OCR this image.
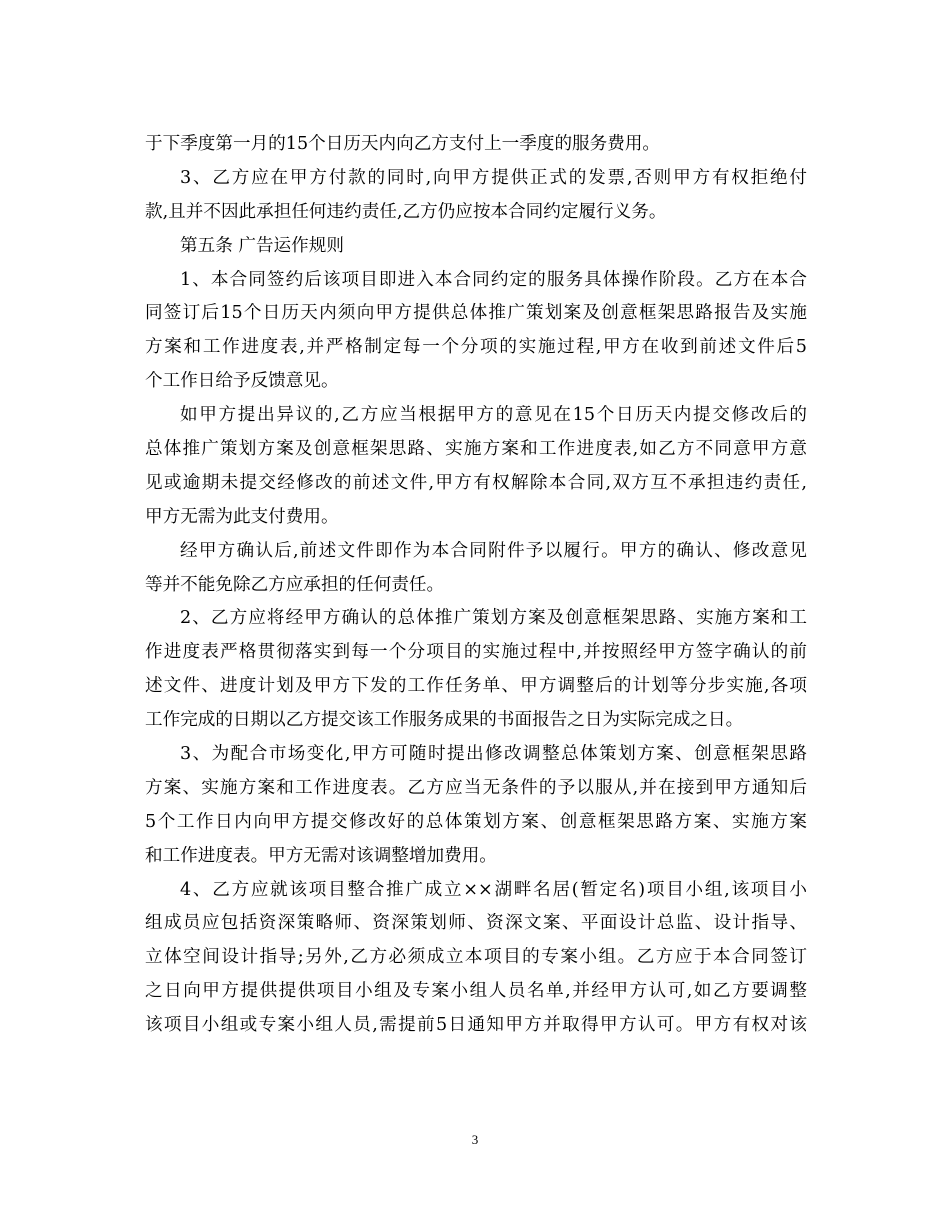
于下季度第一月的15个日历天内向乙方支付上一季度的服务费用。
3、乙方应在甲方付款的同时,向甲方提供正式的发票,否则甲方有权拒绝付
款,且并不因此承担任何违约责任,乙方仍应按本合同约定履行义务。
第五条 广告运作规则
1、本合同签约后该项目即进入本合同约定的服务具体操作阶段。乙方在本合
同签订后15个日历天内须向甲方提供总体推广策划案及创意框架思路报告及实施
方案和工作进度表,并严格制定每一个分项的实施过程,甲方在收到前述文件后5
个工作日给予反馈意见。
如甲方提出异议的,乙方应当根据甲方的意见在15个日历天内提交修改后的
总体推广策划方案及创意框架思路、实施方案和工作进度表,如乙方不同意甲方意
见或逾期未提交经修改的前述文件,甲方有权解除本合同,双方互不承担违约责任,
甲方无需为此支付费用。
经甲方确认后,前述文件即作为本合同附件予以履行。甲方的确认、修改意见
等并不能免除乙方应承担的任何责任。
2、乙方应将经甲方确认的总体推广策划方案及创意框架思路、实施方案和工
作进度表严格贯彻落实到每一个分项目的实施过程中,并按照经甲方签字确认的前
述文件、进度计划及甲方下发的工作任务单、甲方调整后的计划等分步实施,各项
工作完成的日期以乙方提交该工作服务成果的书面报告之日为实际完成之日。
3、为配合市场变化,甲方可随时提出修改调整总体策划方案、创意框架思路
方案、实施方案和工作进度表。乙方应当无条件的予以服从,并在接到甲方通知后
5个工作日内向甲方提交修改好的总体策划方案、创意框架思路方案、实施方案
和工作进度表。甲方无需对该调整增加费用。
4、乙方应就该项目整合推广成立××湖畔名居(暂定名)项目小组,该项目小
组成员应包括资深策略师、资深策划师、资深文案、平面设计总监、设计指导、
立体空间设计指导;另外,乙方必须成立本项目的专案小组。乙方应于本合同签订
之日向甲方提供提供项目小组及专案小组人员名单,并经甲方认可,如乙方要调整
该项目小组或专案小组人员,需提前5日通知甲方并取得甲方认可。甲方有权对该
3
